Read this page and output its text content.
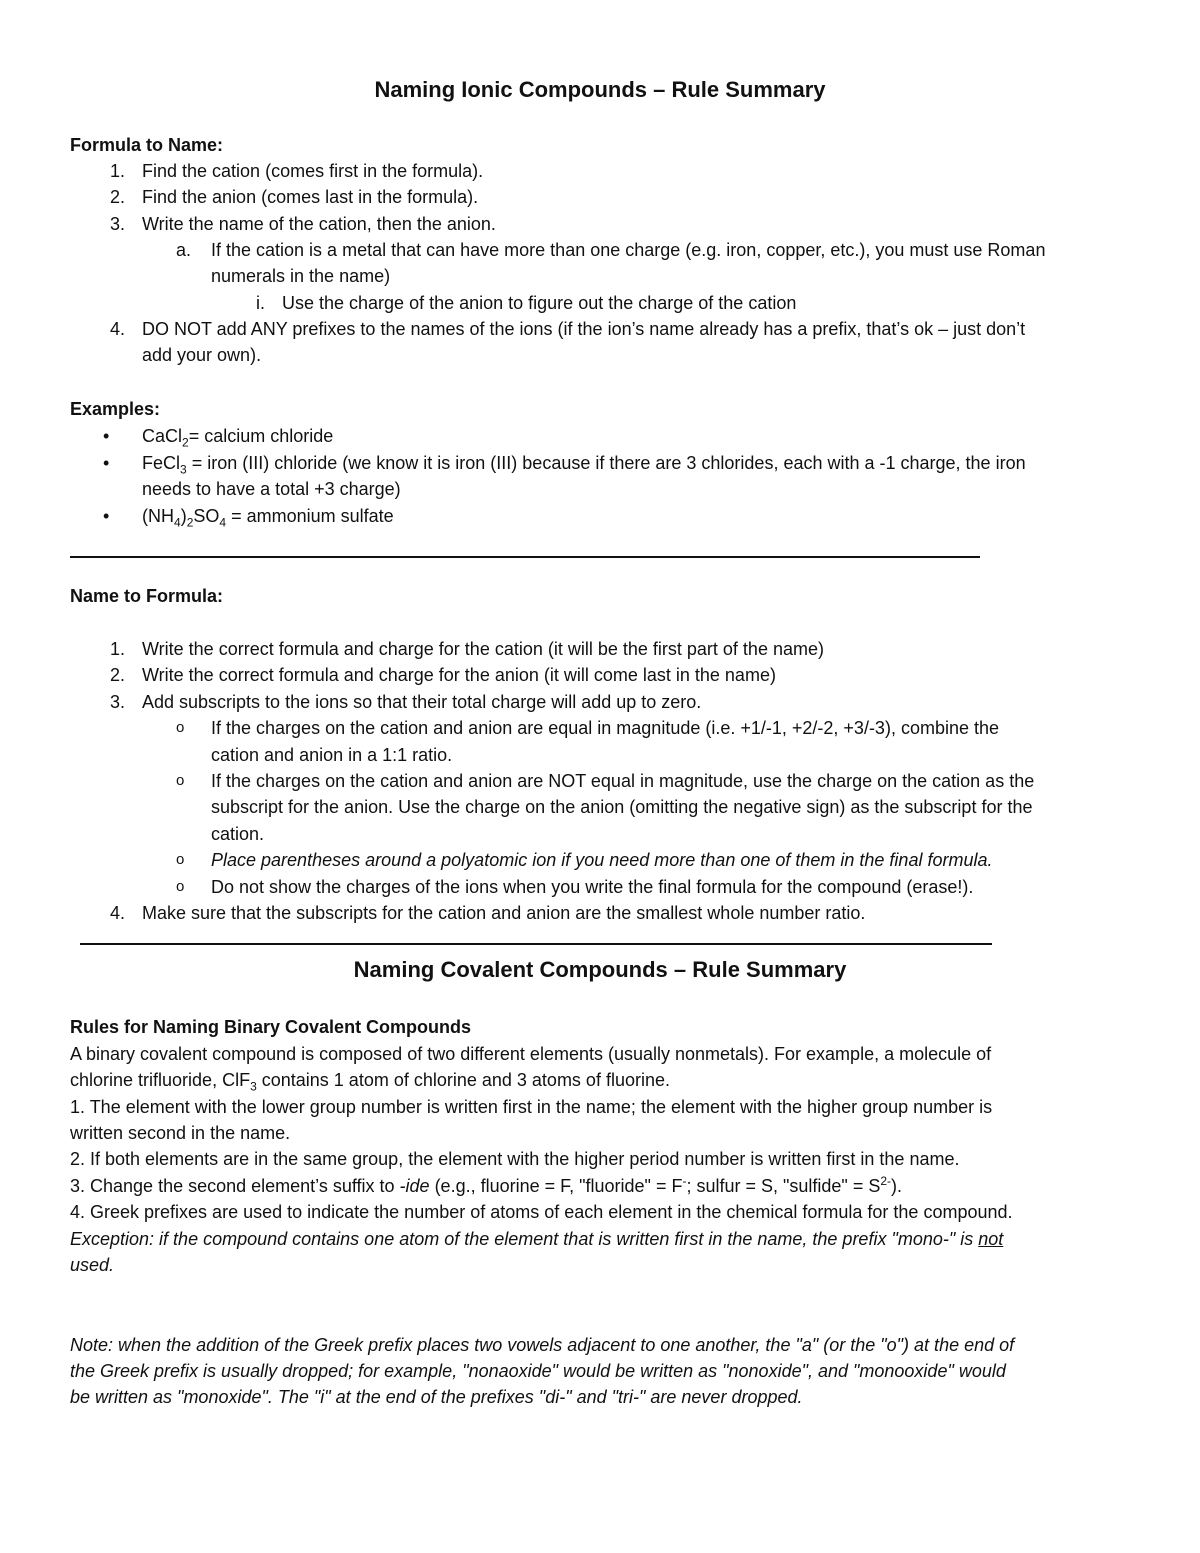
Naming Ionic Compounds – Rule Summary
Formula to Name:
1. Find the cation (comes first in the formula).
2. Find the anion (comes last in the formula).
3. Write the name of the cation, then the anion.
a. If the cation is a metal that can have more than one charge (e.g. iron, copper, etc.), you must use Roman
numerals in the name)
i. Use the charge of the anion to figure out the charge of the cation
4. DO NOT add ANY prefixes to the names of the ions (if the ion’s name already has a prefix, that’s ok – just don’t
add your own).
Examples:
• CaCl$_2$= calcium chloride
• FeCl$_3$ = iron (III) chloride (we know it is iron (III) because if there are 3 chlorides, each with a -1 charge, the iron
needs to have a total +3 charge)
• $(NH_4)_2SO_4$ = ammonium sulfate
Name to Formula:
1. Write the correct formula and charge for the cation (it will be the first part of the name)
2. Write the correct formula and charge for the anion (it will come last in the name)
3. Add subscripts to the ions so that their total charge will add up to zero.
o If the charges on the cation and anion are equal in magnitude (i.e. +1/-1, +2/-2, +3/-3), combine the
cation and anion in a 1:1 ratio.
o If the charges on the cation and anion are NOT equal in magnitude, use the charge on the cation as the
subscript for the anion. Use the charge on the anion (omitting the negative sign) as the subscript for the
cation.
o Place parentheses around a polyatomic ion if you need more than one of them in the final formula.
o Do not show the charges of the ions when you write the final formula for the compound (erase!).
4. Make sure that the subscripts for the cation and anion are the smallest whole number ratio.
Naming Covalent Compounds – Rule Summary
Rules for Naming Binary Covalent Compounds
A binary covalent compound is composed of two different elements (usually nonmetals). For example, a molecule of
chlorine trifluoride, ClF$_3$ contains 1 atom of chlorine and 3 atoms of fluorine.
1. The element with the lower group number is written first in the name; the element with the higher group number is
written second in the name.
2. If both elements are in the same group, the element with the higher period number is written first in the name.
3. Change the second element’s suffix to -ide (e.g., fluorine = F, "fluoride" = F-; sulfur = S, "sulfide" = $S^{2-}$).
4. Greek prefixes are used to indicate the number of atoms of each element in the chemical formula for the compound.
Exception: if the compound contains one atom of the element that is written first in the name, the prefix "mono-" is not
used.
Note: when the addition of the Greek prefix places two vowels adjacent to one another, the "a" (or the "o") at the end of
the Greek prefix is usually dropped; for example, "nonaoxide" would be written as "nonoxide", and "monooxide" would
be written as "monoxide". The "i" at the end of the prefixes "di-" and "tri-" are never dropped.
